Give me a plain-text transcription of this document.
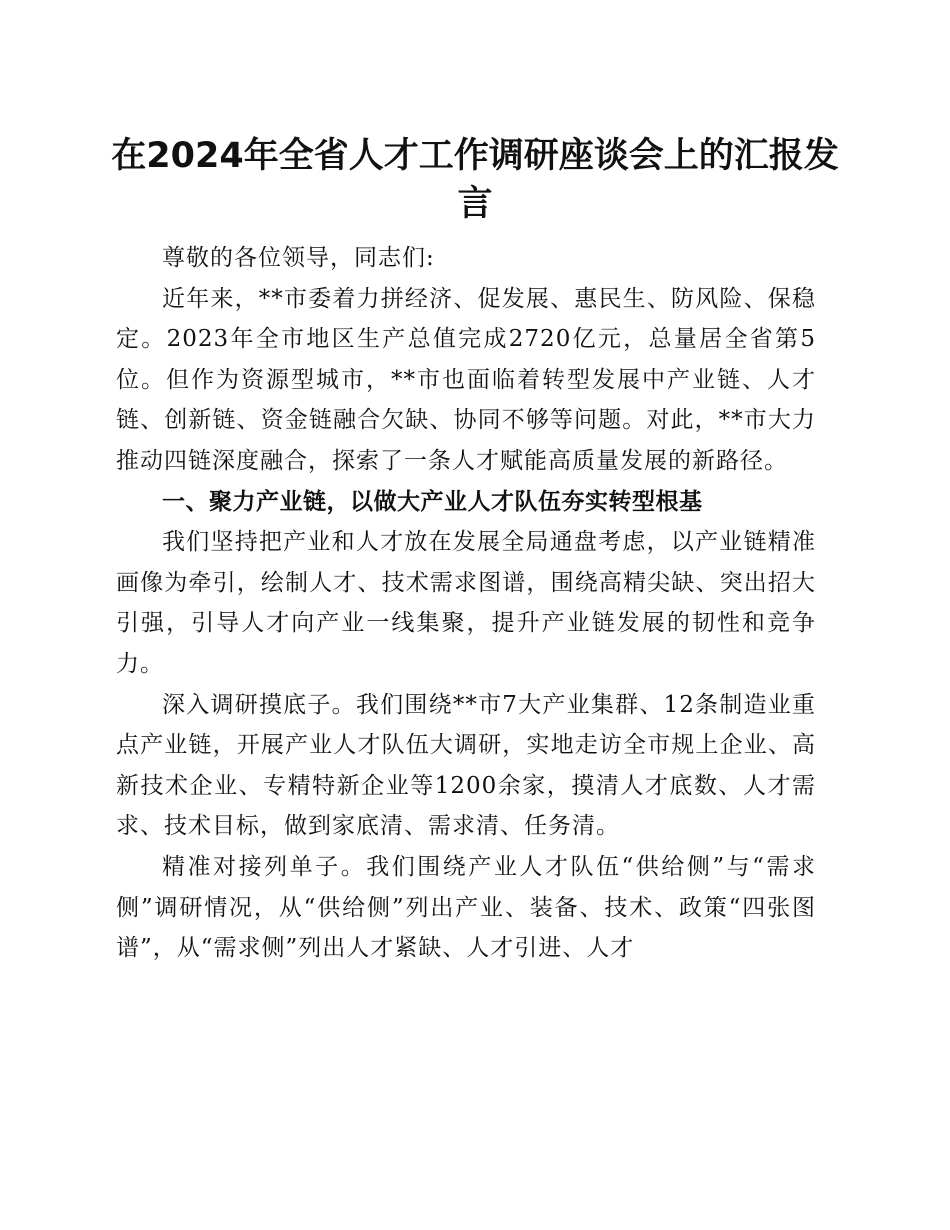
在2024年全省人才工作调研座谈会上的汇报发言

尊敬的各位领导，同志们:

近年来，**市委着力拼经济、促发展、惠民生、防风险、保稳定。2023年全市地区生产总值完成2720亿元，总量居全省第5位。但作为资源型城市，**市也面临着转型发展中产业链、人才链、创新链、资金链融合欠缺、协同不够等问题。对此，**市大力推动四链深度融合，探索了一条人才赋能高质量发展的新路径。

一、聚力产业链，以做大产业人才队伍夯实转型根基

我们坚持把产业和人才放在发展全局通盘考虑，以产业链精准画像为牵引，绘制人才、技术需求图谱，围绕高精尖缺、突出招大引强，引导人才向产业一线集聚，提升产业链发展的韧性和竞争力。

深入调研摸底子。我们围绕**市7大产业集群、12条制造业重点产业链，开展产业人才队伍大调研，实地走访全市规上企业、高新技术企业、专精特新企业等1200余家，摸清人才底数、人才需求、技术目标，做到家底清、需求清、任务清。

精准对接列单子。我们围绕产业人才队伍“供给侧”与“需求侧”调研情况，从“供给侧”列出产业、装备、技术、政策“四张图谱”，从“需求侧”列出人才紧缺、人才引进、人才
